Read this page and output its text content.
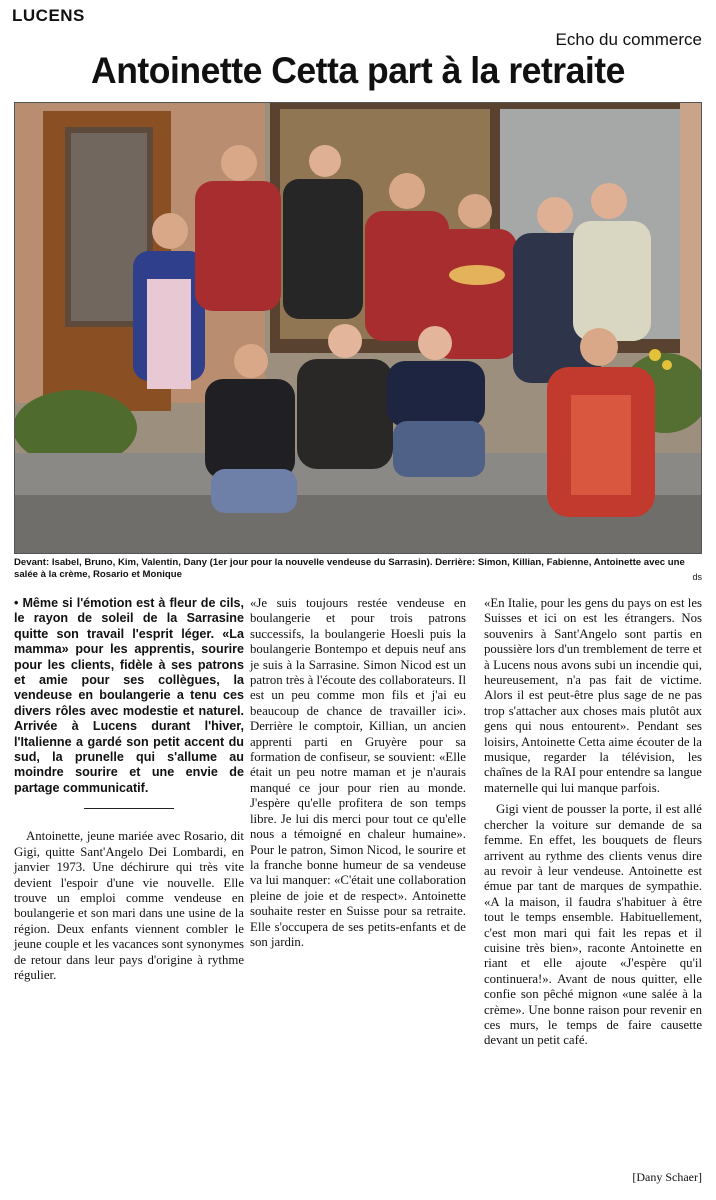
LUCENS
Echo du commerce
Antoinette Cetta part à la retraite

Devant: Isabel, Bruno, Kim, Valentin, Dany (1er jour pour la nouvelle vendeuse du Sarrasin). Derrière: Simon, Killian, Fabienne, Antoinette avec une salée à la crème, Rosario et Monique	ds

• Même si l'émotion est à fleur de cils, le rayon de soleil de la Sarrasine quitte son travail l'esprit léger. «La mamma» pour les apprentis, sourire pour les clients, fidèle à ses patrons et amie pour ses collègues, la vendeuse en boulangerie a tenu ces divers rôles avec modestie et naturel. Arrivée à Lucens durant l'hiver, l'Italienne a gardé son petit accent du sud, la prunelle qui s'allume au moindre sourire et une envie de partage communicatif.

Antoinette, jeune mariée avec Rosario, dit Gigi, quitte Sant'Angelo Dei Lombardi, en janvier 1973. Une déchirure qui très vite devient l'espoir d'une vie nouvelle. Elle trouve un emploi comme vendeuse en boulangerie et son mari dans une usine de la région. Deux enfants viennent combler le jeune couple et les vacances sont synonymes de retour dans leur pays d'origine à rythme régulier.

«Je suis toujours restée vendeuse en boulangerie et pour trois patrons successifs, la boulangerie Hoesli puis la boulangerie Bontempo et depuis neuf ans je suis à la Sarrasine. Simon Nicod est un patron très à l'écoute des collaborateurs. Il est un peu comme mon fils et j'ai eu beaucoup de chance de travailler ici». Derrière le comptoir, Killian, un ancien apprenti parti en Gruyère pour sa formation de confiseur, se souvient: «Elle était un peu notre maman et je n'aurais manqué ce jour pour rien au monde. J'espère qu'elle profitera de son temps libre. Je lui dis merci pour tout ce qu'elle nous a témoigné en chaleur humaine». Pour le patron, Simon Nicod, le sourire et la franche bonne humeur de sa vendeuse va lui manquer: «C'était une collaboration pleine de joie et de respect». Antoinette souhaite rester en Suisse pour sa retraite. Elle s'occupera de ses petits-enfants et de son jardin.

«En Italie, pour les gens du pays on est les Suisses et ici on est les étrangers. Nos souvenirs à Sant'Angelo sont partis en poussière lors d'un tremblement de terre et à Lucens nous avons subi un incendie qui, heureusement, n'a pas fait de victime. Alors il est peut-être plus sage de ne pas trop s'attacher aux choses mais plutôt aux gens qui nous entourent». Pendant ses loisirs, Antoinette Cetta aime écouter de la musique, regarder la télévision, les chaînes de la RAI pour entendre sa langue maternelle qui lui manque parfois.

Gigi vient de pousser la porte, il est allé chercher la voiture sur demande de sa femme. En effet, les bouquets de fleurs arrivent au rythme des clients venus dire au revoir à leur vendeuse. Antoinette est émue par tant de marques de sympathie. «A la maison, il faudra s'habituer à être tout le temps ensemble. Habituellement, c'est mon mari qui fait les repas et il cuisine très bien», raconte Antoinette en riant et elle ajoute «J'espère qu'il continuera!». Avant de nous quitter, elle confie son pêché mignon «une salée à la crème». Une bonne raison pour revenir en ces murs, le temps de faire causette devant un petit café.

[Dany Schaer]
